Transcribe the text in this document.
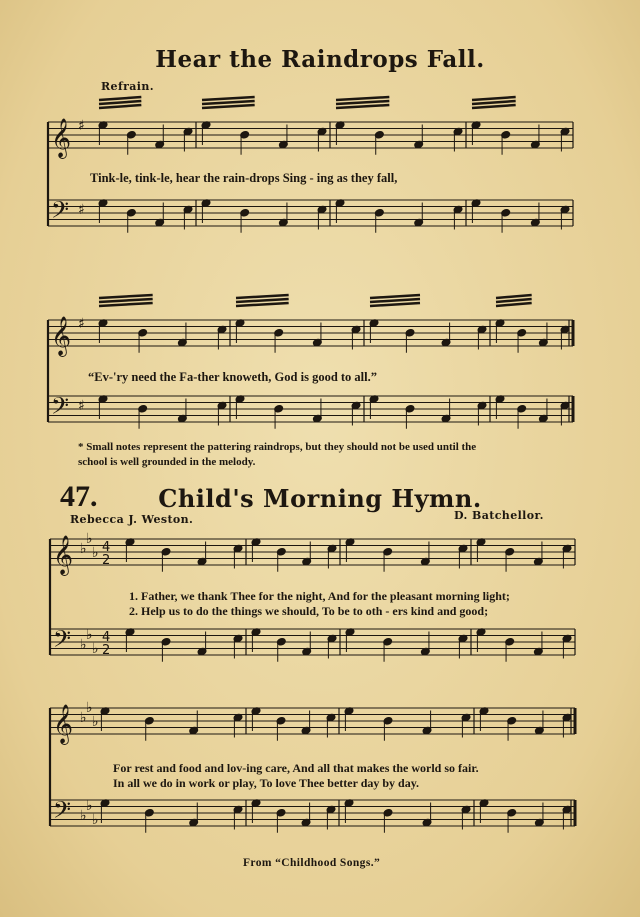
Hear the Raindrops Fall.
Refrain.
Tink-le, tink-le, hear the rain-drops Sing - ing as they fall,
“Ev-'ry need the Fa-ther knoweth, God is good to all.”
* Small notes represent the pattering raindrops, but they should not be used until the
school is well grounded in the melody.
47.	Child's Morning Hymn.
Rebecca J. Weston.	D. Batchellor.
1. Father, we thank Thee for the night, And for the pleasant morning light;
2. Help us to do the things we should, To be to oth - ers kind and good;
For rest and food and lov-ing care, And all that makes the world so fair.
In all we do in work or play, To love Thee better day by day.
From “Childhood Songs.”
𝄞
𝄢
♯
♯
𝄞
𝄢
♯
♯
𝄞
𝄢
♭
♭
♭
♭
♭
♭
4
2
4
2
𝄞
𝄢
♭
♭
♭
♭
♭
♭
